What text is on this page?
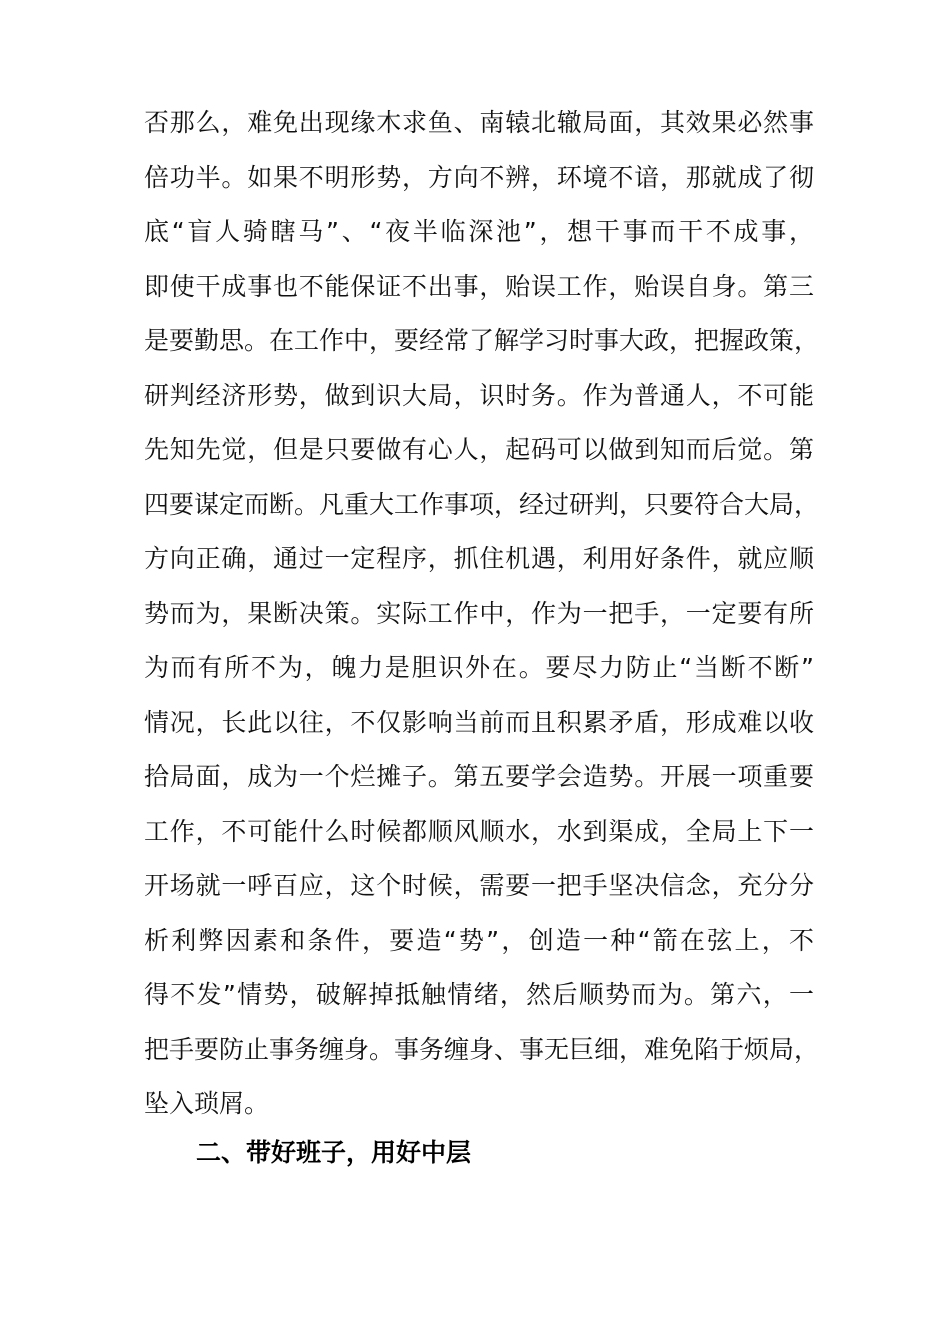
否那么，难免出现缘木求鱼、南辕北辙局面，其效果必然事
倍功半。如果不明形势，方向不辨，环境不谙，那就成了彻
底“盲人骑瞎马”、“夜半临深池”，想干事而干不成事，
即使干成事也不能保证不出事，贻误工作，贻误自身。第三
是要勤思。在工作中，要经常了解学习时事大政，把握政策，
研判经济形势，做到识大局，识时务。作为普通人，不可能
先知先觉，但是只要做有心人，起码可以做到知而后觉。第
四要谋定而断。凡重大工作事项，经过研判，只要符合大局，
方向正确，通过一定程序，抓住机遇，利用好条件，就应顺
势而为，果断决策。实际工作中，作为一把手，一定要有所
为而有所不为，魄力是胆识外在。要尽力防止“当断不断”
情况，长此以往，不仅影响当前而且积累矛盾，形成难以收
拾局面，成为一个烂摊子。第五要学会造势。开展一项重要
工作，不可能什么时候都顺风顺水，水到渠成，全局上下一
开场就一呼百应，这个时候，需要一把手坚决信念，充分分
析利弊因素和条件，要造“势”，创造一种“箭在弦上，不
得不发”情势，破解掉抵触情绪，然后顺势而为。第六，一
把手要防止事务缠身。事务缠身、事无巨细，难免陷于烦局，
坠入琐屑。
二、带好班子，用好中层
